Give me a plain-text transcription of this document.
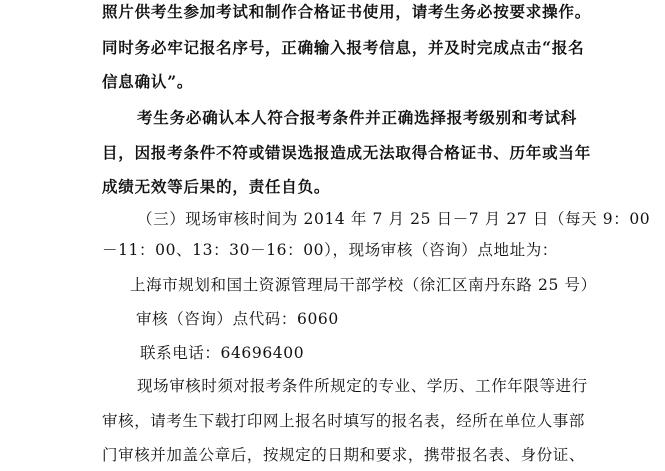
照片供考生参加考试和制作合格证书使用，请考生务必按要求操作。
同时务必牢记报名序号，正确输入报考信息，并及时完成点击“报名
信息确认”。
考生务必确认本人符合报考条件并正确选择报考级别和考试科
目，因报考条件不符或错误选报造成无法取得合格证书、历年或当年
成绩无效等后果的，责任自负。
（三）现场审核时间为 2014 年 7 月 25 日－7 月 27 日（每天 9：00
－11：00、13：30－16：00），现场审核（咨询）点地址为：
上海市规划和国土资源管理局干部学校（徐汇区南丹东路 25 号）
审核（咨询）点代码：6060
联系电话：64696400
现场审核时须对报考条件所规定的专业、学历、工作年限等进行
审核，请考生下载打印网上报名时填写的报名表，经所在单位人事部
门审核并加盖公章后，按规定的日期和要求，携带报名表、身份证、
